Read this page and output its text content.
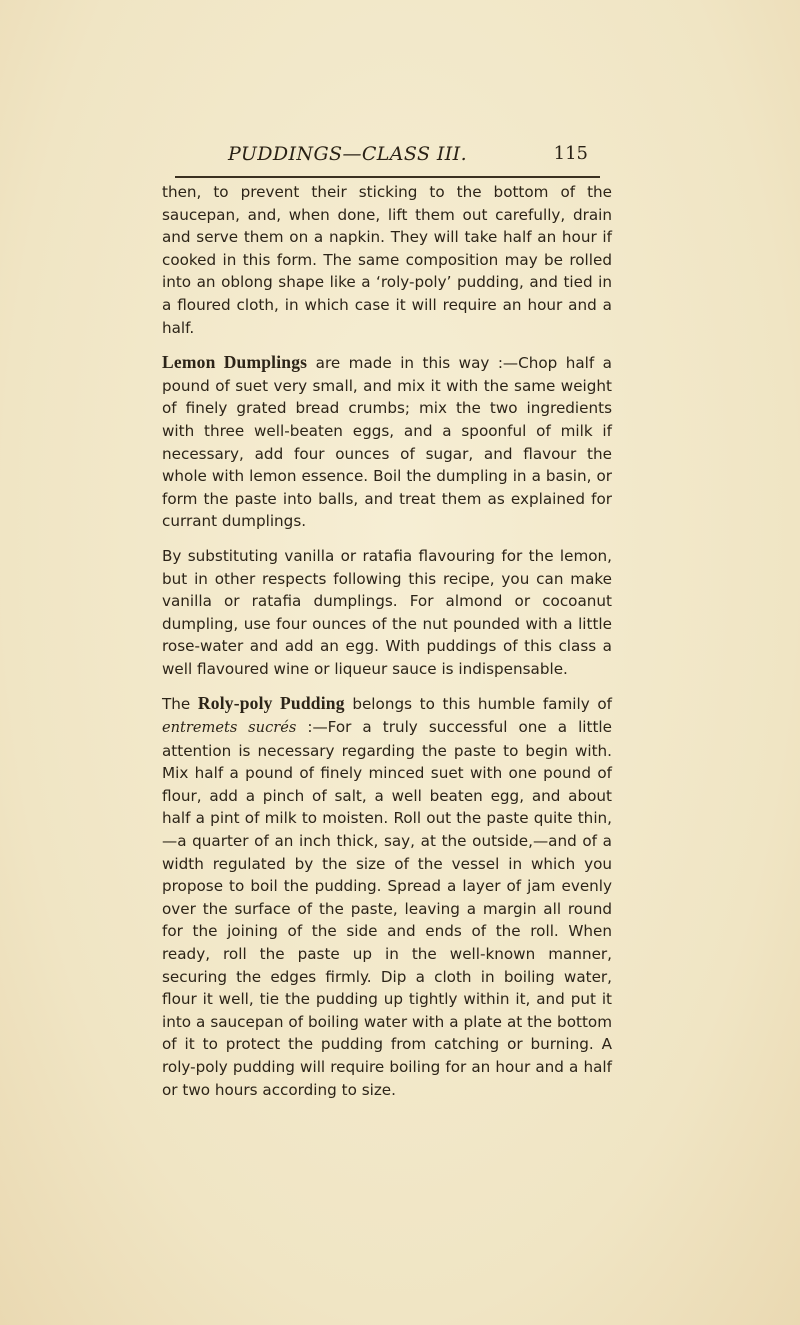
PUDDINGS—CLASS III.	115

then, to prevent their sticking to the bottom of the saucepan, and, when done, lift them out carefully, drain and serve them on a napkin. They will take half an hour if cooked in this form. The same composition may be rolled into an oblong shape like a ‘roly-poly’ pudding, and tied in a floured cloth, in which case it will require an hour and a half.

Lemon Dumplings are made in this way :—Chop half a pound of suet very small, and mix it with the same weight of finely grated bread crumbs; mix the two ingredients with three well-beaten eggs, and a spoonful of milk if necessary, add four ounces of sugar, and flavour the whole with lemon essence. Boil the dumpling in a basin, or form the paste into balls, and treat them as explained for currant dumplings.

By substituting vanilla or ratafia flavouring for the lemon, but in other respects following this recipe, you can make vanilla or ratafia dumplings. For almond or cocoanut dumpling, use four ounces of the nut pounded with a little rose-water and add an egg. With puddings of this class a well flavoured wine or liqueur sauce is indispensable.

The Roly-poly Pudding belongs to this humble family of entremets sucrés :—For a truly successful one a little attention is necessary regarding the paste to begin with. Mix half a pound of finely minced suet with one pound of flour, add a pinch of salt, a well beaten egg, and about half a pint of milk to moisten. Roll out the paste quite thin,—a quarter of an inch thick, say, at the outside,—and of a width regulated by the size of the vessel in which you propose to boil the pudding. Spread a layer of jam evenly over the surface of the paste, leaving a margin all round for the joining of the side and ends of the roll. When ready, roll the paste up in the well-known manner, securing the edges firmly. Dip a cloth in boiling water, flour it well, tie the pudding up tightly within it, and put it into a saucepan of boiling water with a plate at the bottom of it to protect the pudding from catching or burning. A roly-poly pudding will require boiling for an hour and a half or two hours according to size.
